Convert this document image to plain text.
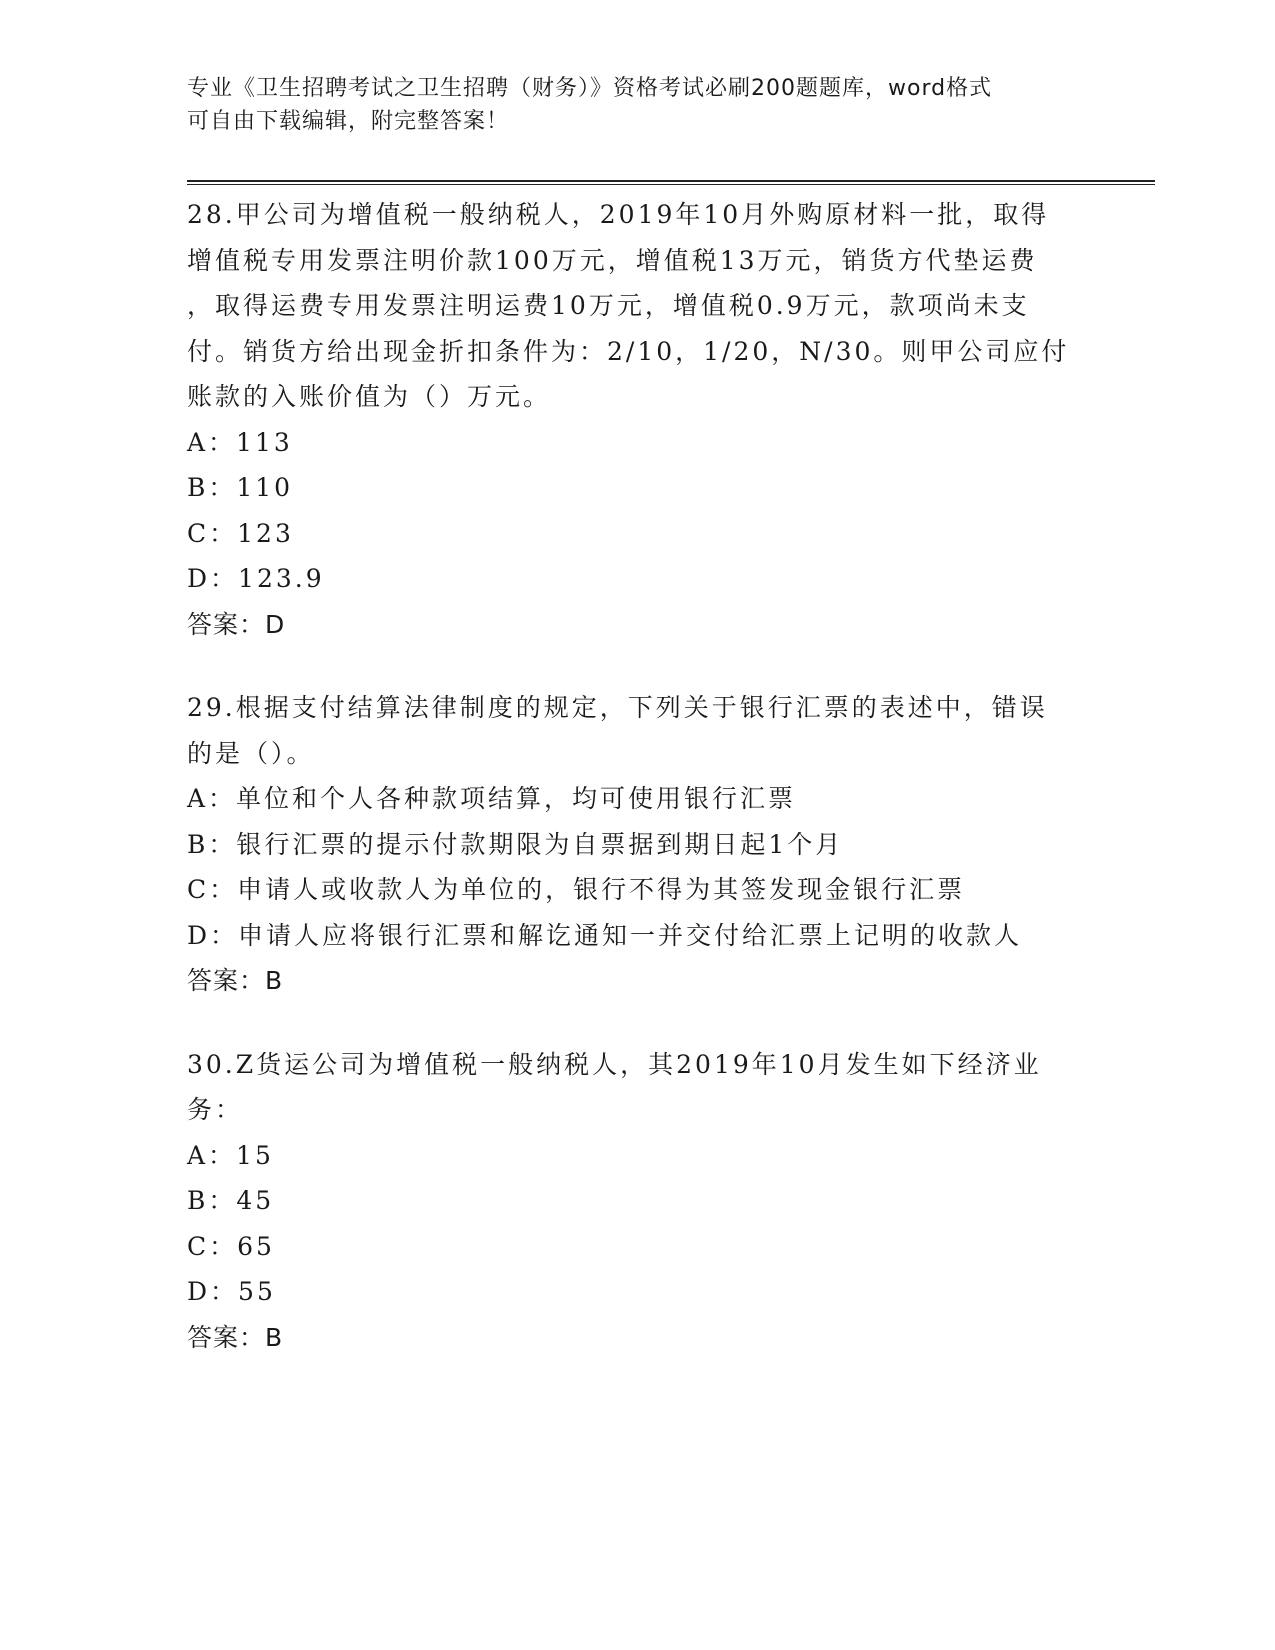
专业《卫生招聘考试之卫生招聘（财务）》资格考试必刷200题题库，word格式
可自由下载编辑，附完整答案！
28.甲公司为增值税一般纳税人，2019年10月外购原材料一批，取得
增值税专用发票注明价款100万元，增值税13万元，销货方代垫运费
，取得运费专用发票注明运费10万元，增值税0.9万元，款项尚未支
付。销货方给出现金折扣条件为：2/10，1/20，N/30。则甲公司应付
账款的入账价值为（）万元。
A：113
B：110
C：123
D：123.9
答案：D
29.根据支付结算法律制度的规定，下列关于银行汇票的表述中，错误
的是（）。
A：单位和个人各种款项结算，均可使用银行汇票
B：银行汇票的提示付款期限为自票据到期日起1个月
C：申请人或收款人为单位的，银行不得为其签发现金银行汇票
D：申请人应将银行汇票和解讫通知一并交付给汇票上记明的收款人
答案：B
30.Z货运公司为增值税一般纳税人，其2019年10月发生如下经济业
务：
A：15
B：45
C：65
D：55
答案：B
